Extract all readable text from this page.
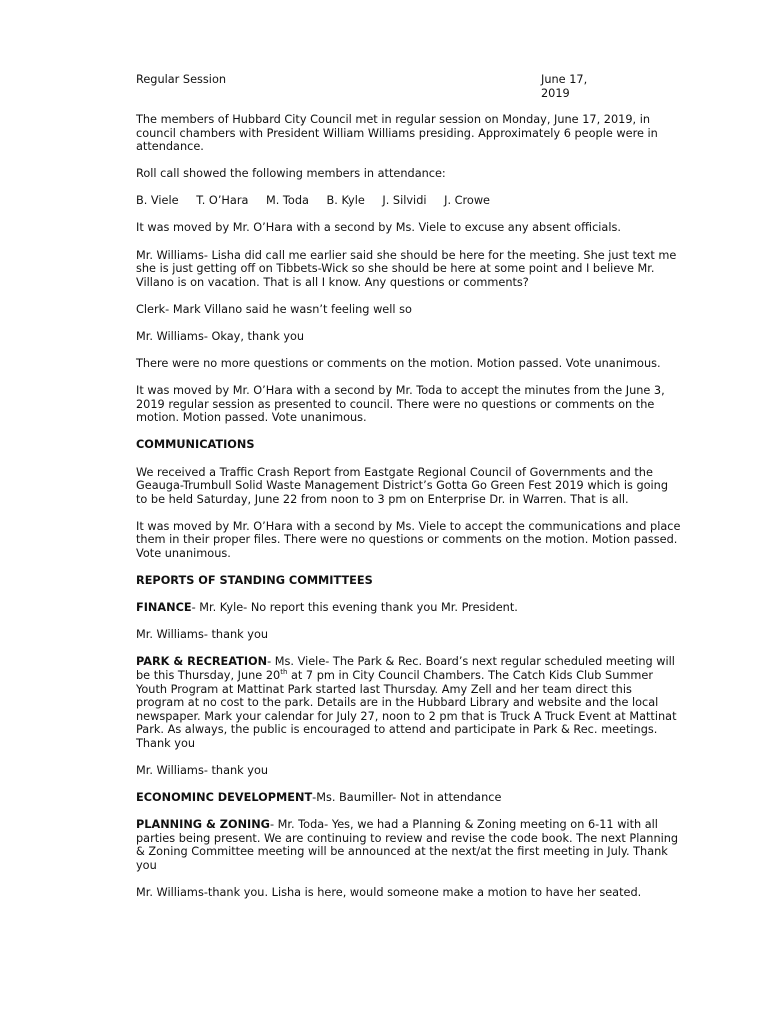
Regular Session	June 17, 2019

The members of Hubbard City Council met in regular session on Monday, June 17, 2019, in council chambers with President William Williams presiding. Approximately 6 people were in attendance.

Roll call showed the following members in attendance:

B. Viele T. O’Hara M. Toda B. Kyle J. Silvidi J. Crowe

It was moved by Mr. O’Hara with a second by Ms. Viele to excuse any absent officials.

Mr. Williams- Lisha did call me earlier said she should be here for the meeting. She just text me she is just getting off on Tibbets-Wick so she should be here at some point and I believe Mr. Villano is on vacation. That is all I know. Any questions or comments?

Clerk- Mark Villano said he wasn’t feeling well so

Mr. Williams- Okay, thank you

There were no more questions or comments on the motion. Motion passed. Vote unanimous.

It was moved by Mr. O’Hara with a second by Mr. Toda to accept the minutes from the June 3, 2019 regular session as presented to council. There were no questions or comments on the motion. Motion passed. Vote unanimous.

COMMUNICATIONS

We received a Traffic Crash Report from Eastgate Regional Council of Governments and the Geauga-Trumbull Solid Waste Management District’s Gotta Go Green Fest 2019 which is going to be held Saturday, June 22 from noon to 3 pm on Enterprise Dr. in Warren. That is all.

It was moved by Mr. O’Hara with a second by Ms. Viele to accept the communications and place them in their proper files. There were no questions or comments on the motion. Motion passed. Vote unanimous.

REPORTS OF STANDING COMMITTEES

FINANCE- Mr. Kyle- No report this evening thank you Mr. President.

Mr. Williams- thank you

PARK & RECREATION- Ms. Viele- The Park & Rec. Board’s next regular scheduled meeting will be this Thursday, June 20th at 7 pm in City Council Chambers. The Catch Kids Club Summer Youth Program at Mattinat Park started last Thursday. Amy Zell and her team direct this program at no cost to the park. Details are in the Hubbard Library and website and the local newspaper. Mark your calendar for July 27, noon to 2 pm that is Truck A Truck Event at Mattinat Park. As always, the public is encouraged to attend and participate in Park & Rec. meetings. Thank you

Mr. Williams- thank you

ECONOMINC DEVELOPMENT-Ms. Baumiller- Not in attendance

PLANNING & ZONING- Mr. Toda- Yes, we had a Planning & Zoning meeting on 6-11 with all parties being present. We are continuing to review and revise the code book. The next Planning & Zoning Committee meeting will be announced at the next/at the first meeting in July. Thank you

Mr. Williams-thank you. Lisha is here, would someone make a motion to have her seated.
